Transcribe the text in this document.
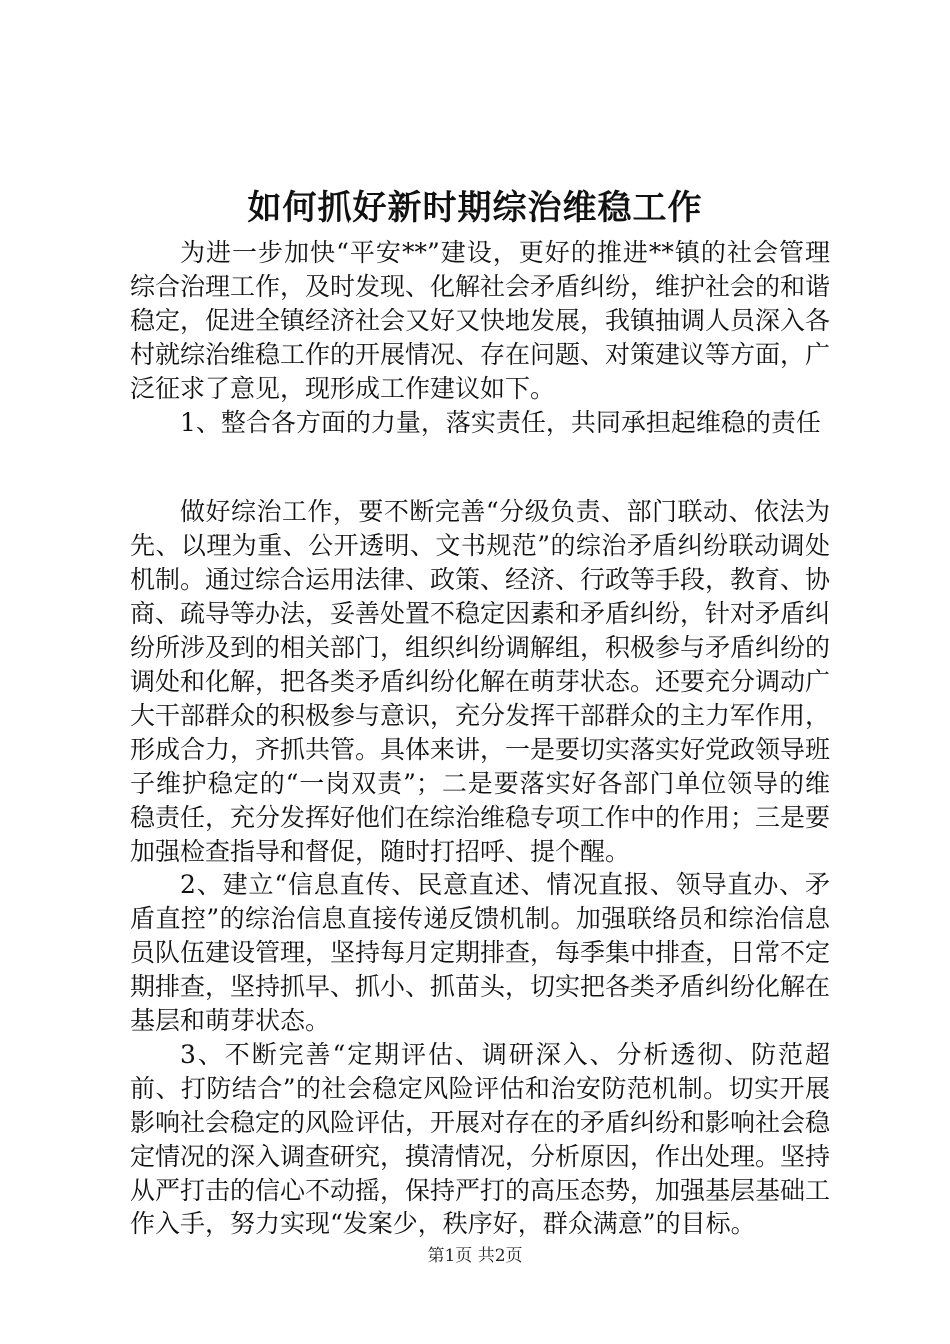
如何抓好新时期综治维稳工作

为进一步加快“平安**”建设，更好的推进**镇的社会管理综合治理工作，及时发现、化解社会矛盾纠纷，维护社会的和谐稳定，促进全镇经济社会又好又快地发展，我镇抽调人员深入各村就综治维稳工作的开展情况、存在问题、对策建议等方面，广泛征求了意见，现形成工作建议如下。

1、整合各方面的力量，落实责任，共同承担起维稳的责任

做好综治工作，要不断完善“分级负责、部门联动、依法为先、以理为重、公开透明、文书规范”的综治矛盾纠纷联动调处机制。通过综合运用法律、政策、经济、行政等手段，教育、协商、疏导等办法，妥善处置不稳定因素和矛盾纠纷，针对矛盾纠纷所涉及到的相关部门，组织纠纷调解组，积极参与矛盾纠纷的调处和化解，把各类矛盾纠纷化解在萌芽状态。还要充分调动广大干部群众的积极参与意识，充分发挥干部群众的主力军作用，形成合力，齐抓共管。具体来讲，一是要切实落实好党政领导班子维护稳定的“一岗双责”；二是要落实好各部门单位领导的维稳责任，充分发挥好他们在综治维稳专项工作中的作用；三是要加强检查指导和督促，随时打招呼、提个醒。

2、建立“信息直传、民意直述、情况直报、领导直办、矛盾直控”的综治信息直接传递反馈机制。加强联络员和综治信息员队伍建设管理，坚持每月定期排查，每季集中排查，日常不定期排查，坚持抓早、抓小、抓苗头，切实把各类矛盾纠纷化解在基层和萌芽状态。

3、不断完善“定期评估、调研深入、分析透彻、防范超前、打防结合”的社会稳定风险评估和治安防范机制。切实开展影响社会稳定的风险评估，开展对存在的矛盾纠纷和影响社会稳定情况的深入调查研究，摸清情况，分析原因，作出处理。坚持从严打击的信心不动摇，保持严打的高压态势，加强基层基础工作入手，努力实现“发案少，秩序好，群众满意”的目标。

第1页 共2页
